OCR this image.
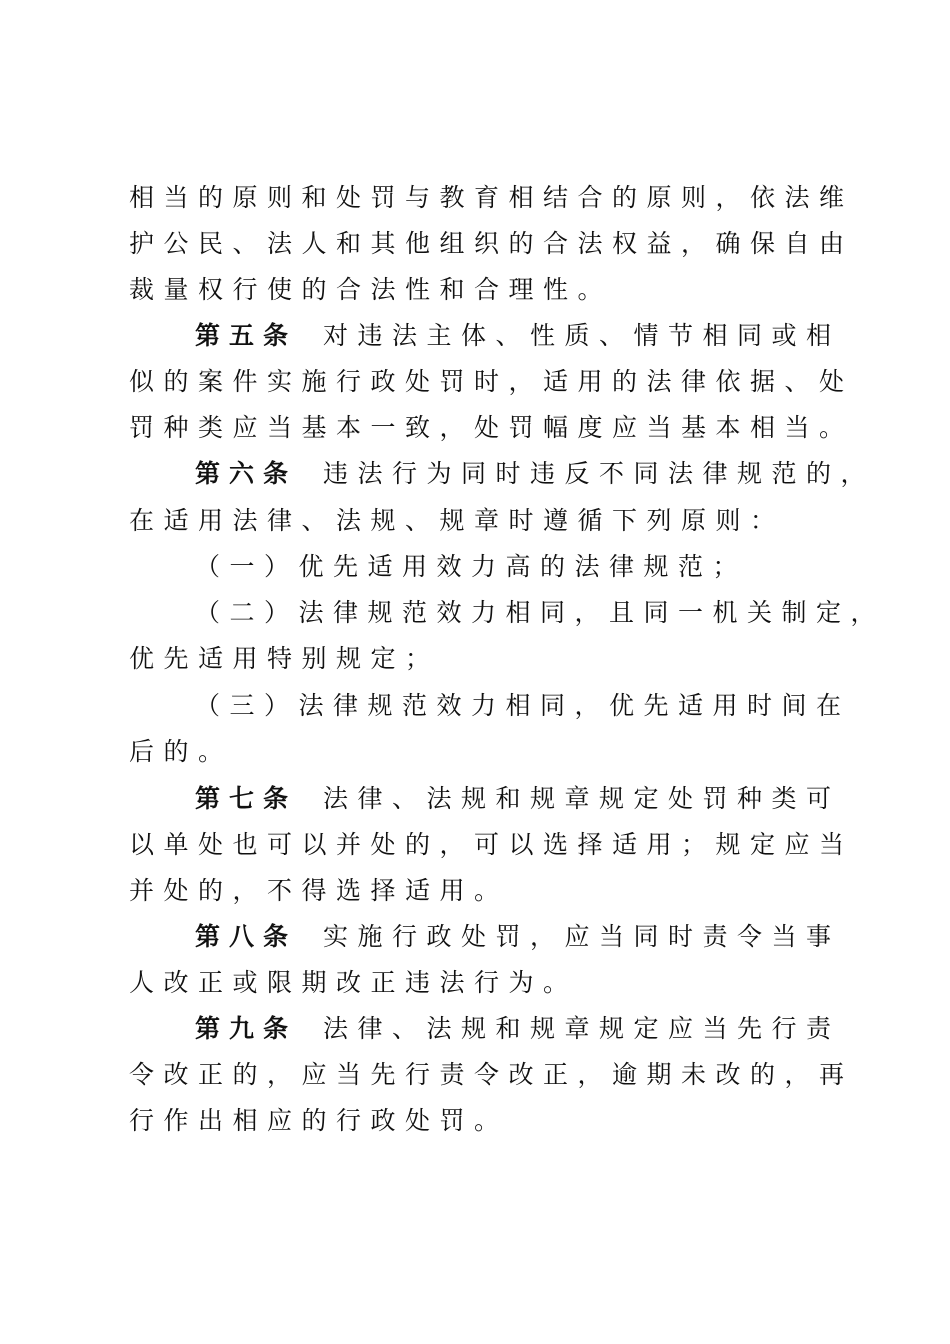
相当的原则和处罚与教育相结合的原则，依法维
护公民、法人和其他组织的合法权益，确保自由
裁量权行使的合法性和合理性。
第五条 对违法主体、性质、情节相同或相
似的案件实施行政处罚时，适用的法律依据、处
罚种类应当基本一致，处罚幅度应当基本相当。
第六条 违法行为同时违反不同法律规范的，
在适用法律、法规、规章时遵循下列原则：
（一）优先适用效力高的法律规范；
（二）法律规范效力相同，且同一机关制定，
优先适用特别规定；
（三）法律规范效力相同，优先适用时间在
后的。
第七条 法律、法规和规章规定处罚种类可
以单处也可以并处的，可以选择适用；规定应当
并处的，不得选择适用。
第八条 实施行政处罚，应当同时责令当事
人改正或限期改正违法行为。
第九条 法律、法规和规章规定应当先行责
令改正的，应当先行责令改正，逾期未改的，再
行作出相应的行政处罚。
